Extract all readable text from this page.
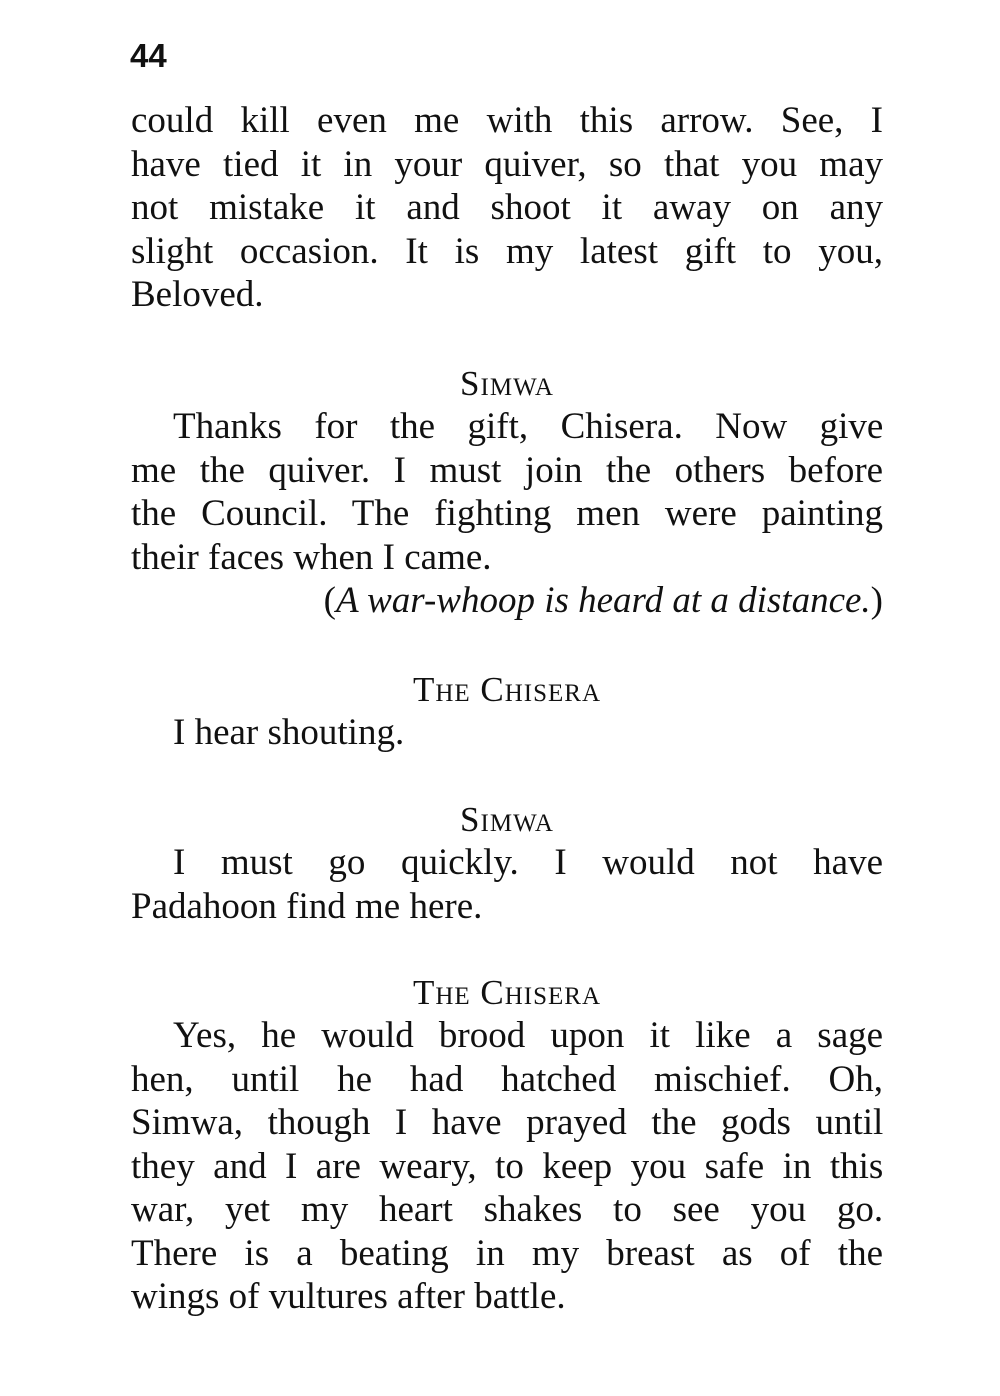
44
could kill even me with this arrow. See, I
have tied it in your quiver, so that you may
not mistake it and shoot it away on any
slight occasion. It is my latest gift to you,
Beloved.
Simwa
Thanks for the gift, Chisera. Now give
me the quiver. I must join the others before
the Council. The fighting men were painting
their faces when I came.
(A war-whoop is heard at a distance.)
The Chisera
I hear shouting.
Simwa
I must go quickly. I would not have
Padahoon find me here.
The Chisera
Yes, he would brood upon it like a sage
hen, until he had hatched mischief. Oh,
Simwa, though I have prayed the gods until
they and I are weary, to keep you safe in this
war, yet my heart shakes to see you go.
There is a beating in my breast as of the
wings of vultures after battle.
